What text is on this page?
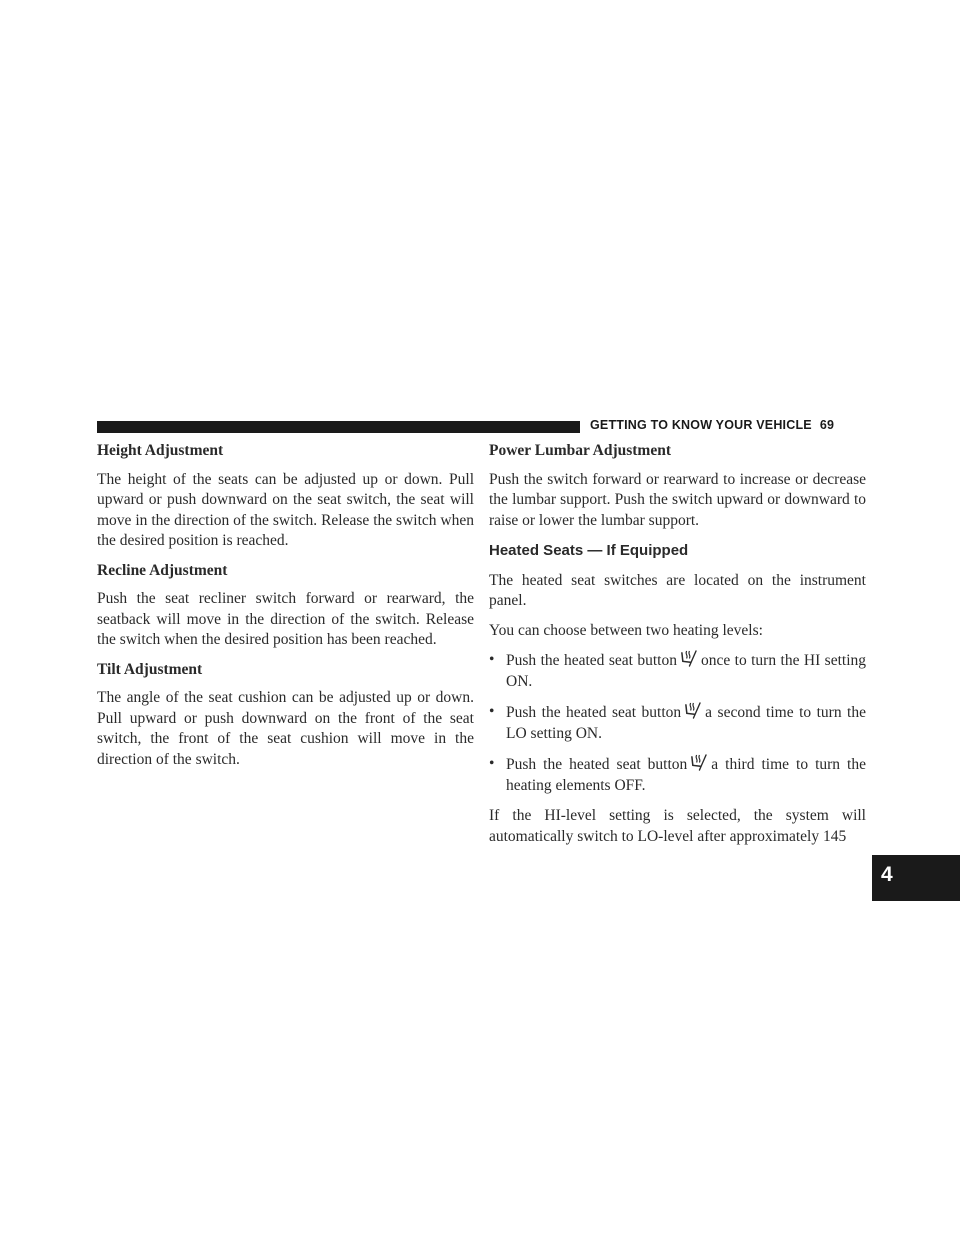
GETTING TO KNOW YOUR VEHICLE 69
4
Height Adjustment

The height of the seats can be adjusted up or down. Pull upward or push downward on the seat switch, the seat will move in the direction of the switch. Release the switch when the desired position is reached.

Recline Adjustment

Push the seat recliner switch forward or rearward, the seatback will move in the direction of the switch. Release the switch when the desired position has been reached.

Tilt Adjustment

The angle of the seat cushion can be adjusted up or down. Pull upward or push downward on the front of the seat switch, the front of the seat cushion will move in the direction of the switch.

Power Lumbar Adjustment

Push the switch forward or rearward to increase or decrease the lumbar support. Push the switch upward or downward to raise or lower the lumbar support.

Heated Seats — If Equipped

The heated seat switches are located on the instrument panel.

You can choose between two heating levels:

• Push the heated seat button once to turn the HI setting ON.
• Push the heated seat button a second time to turn the LO setting ON.
• Push the heated seat button a third time to turn the heating elements OFF.

If the HI-level setting is selected, the system will automatically switch to LO-level after approximately 145
